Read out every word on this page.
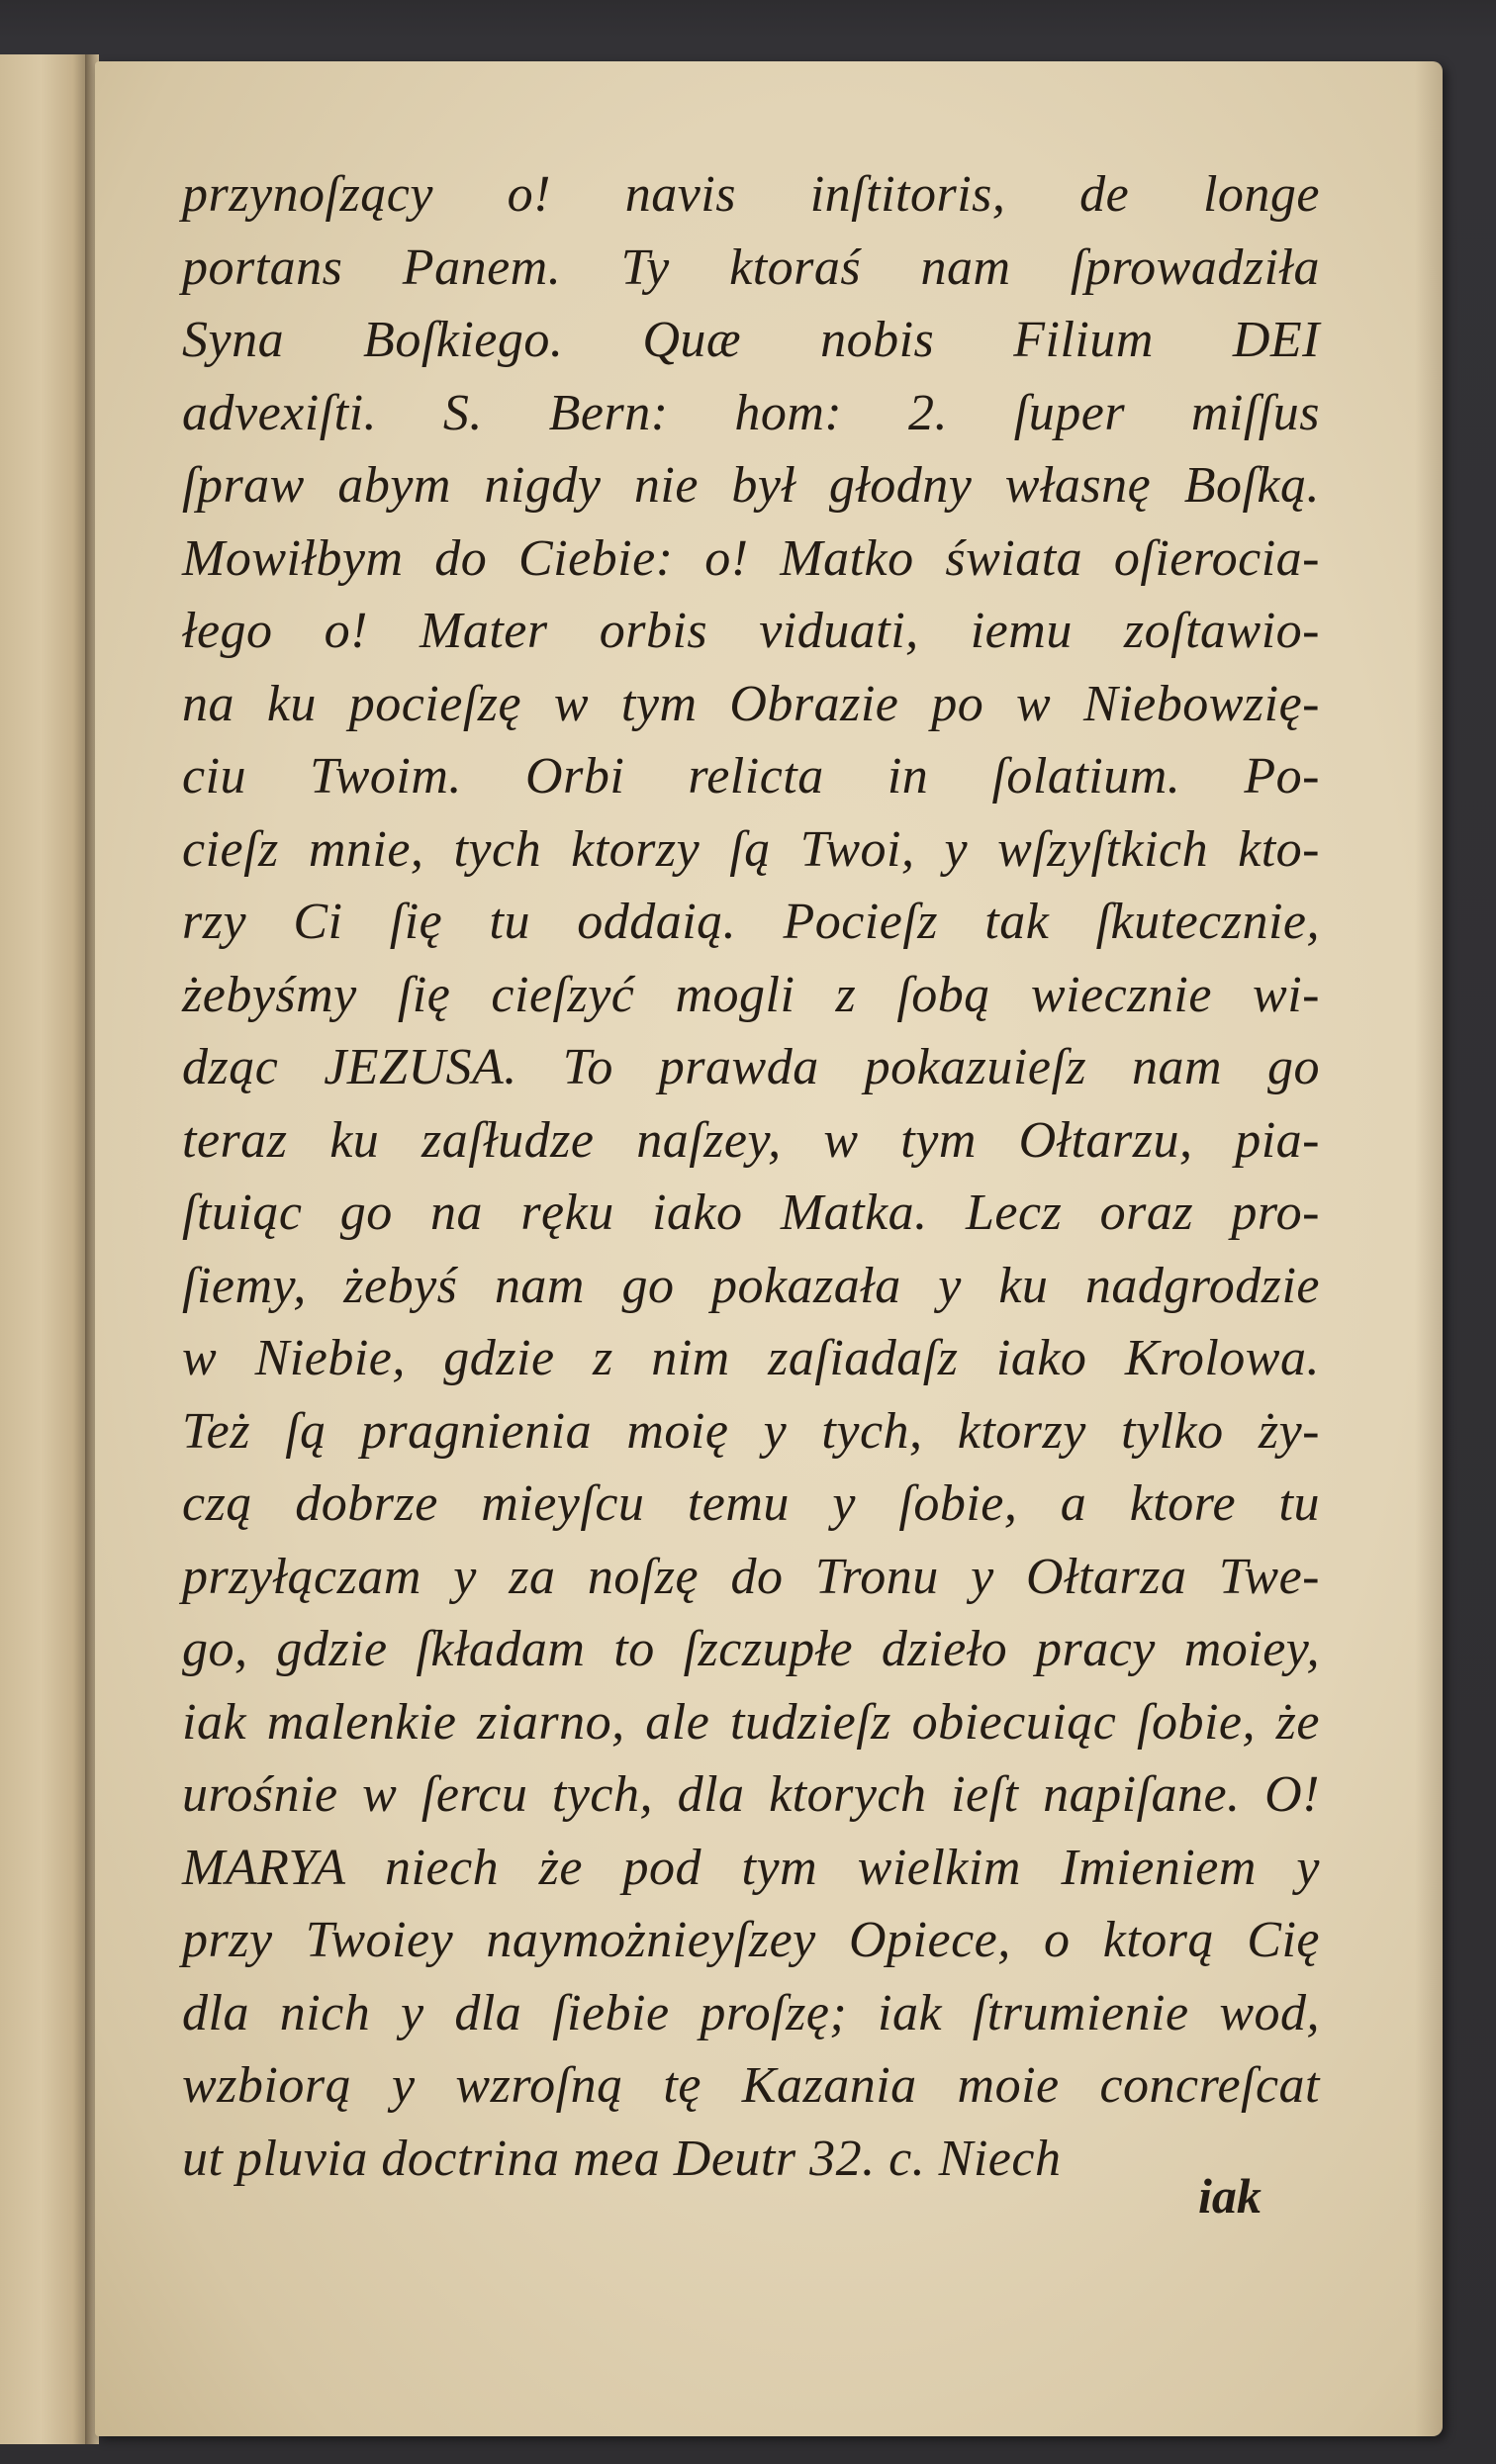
przynoſzący o! navis inſtitoris, de longe
portans Panem. Ty ktoraś nam ſprowadziła
Syna Boſkiego. Quæ nobis Filium DEI
advexiſti. S. Bern: hom: 2. ſuper miſſus
ſpraw abym nigdy nie był głodny własnę Boſką.
Mowiłbym do Ciebie: o! Matko świata oſierocia-
łego o! Mater orbis viduati, iemu zoſtawio-
na ku pocieſzę w tym Obrazie po w Niebowzię-
ciu Twoim. Orbi relicta in ſolatium. Po-
cieſz mnie, tych ktorzy ſą Twoi, y wſzyſtkich kto-
rzy Ci ſię tu oddaią. Pocieſz tak ſkutecznie,
żebyśmy ſię cieſzyć mogli z ſobą wiecznie wi-
dząc JEZUSA. To prawda pokazuieſz nam go
teraz ku zaſłudze naſzey, w tym Ołtarzu, pia-
ſtuiąc go na ręku iako Matka. Lecz oraz pro-
ſiemy, żebyś nam go pokazała y ku nadgrodzie
w Niebie, gdzie z nim zaſiadaſz iako Krolowa.
Też ſą pragnienia moię y tych, ktorzy tylko ży-
czą dobrze mieyſcu temu y ſobie, a ktore tu
przyłączam y za noſzę do Tronu y Ołtarza Twe-
go, gdzie ſkładam to ſzczupłe dzieło pracy moiey,
iak malenkie ziarno, ale tudzieſz obiecuiąc ſobie, że
urośnie w ſercu tych, dla ktorych ieſt napiſane. O!
MARYA niech że pod tym wielkim Imieniem y
przy Twoiey naymożnieyſzey Opiece, o ktorą Cię
dla nich y dla ſiebie proſzę; iak ſtrumienie wod,
wzbiorą y wzroſną tę Kazania moie concreſcat
ut pluvia doctrina mea Deutr 32. c. Niech
iak
